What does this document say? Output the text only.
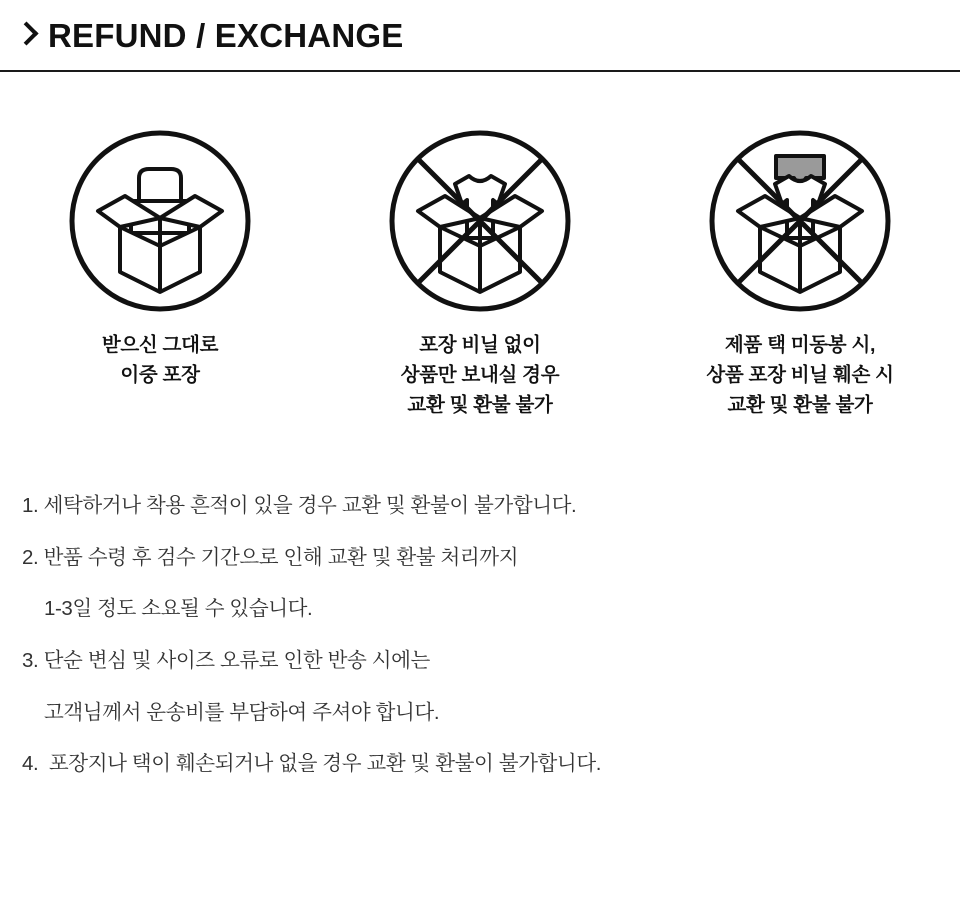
REFUND / EXCHANGE
받으신 그대로
이중 포장
포장 비닐 없이
상품만 보내실 경우
교환 및 환불 불가
제품 택 미동봉 시,
상품 포장 비닐 훼손 시
교환 및 환불 불가
1. 세탁하거나 착용 흔적이 있을 경우 교환 및 환불이 불가합니다.
2. 반품 수령 후 검수 기간으로 인해 교환 및 환불 처리까지
1-3일 정도 소요될 수 있습니다.
3. 단순 변심 및 사이즈 오류로 인한 반송 시에는
고객님께서 운송비를 부담하여 주셔야 합니다.
4.  포장지나 택이 훼손되거나 없을 경우 교환 및 환불이 불가합니다.
